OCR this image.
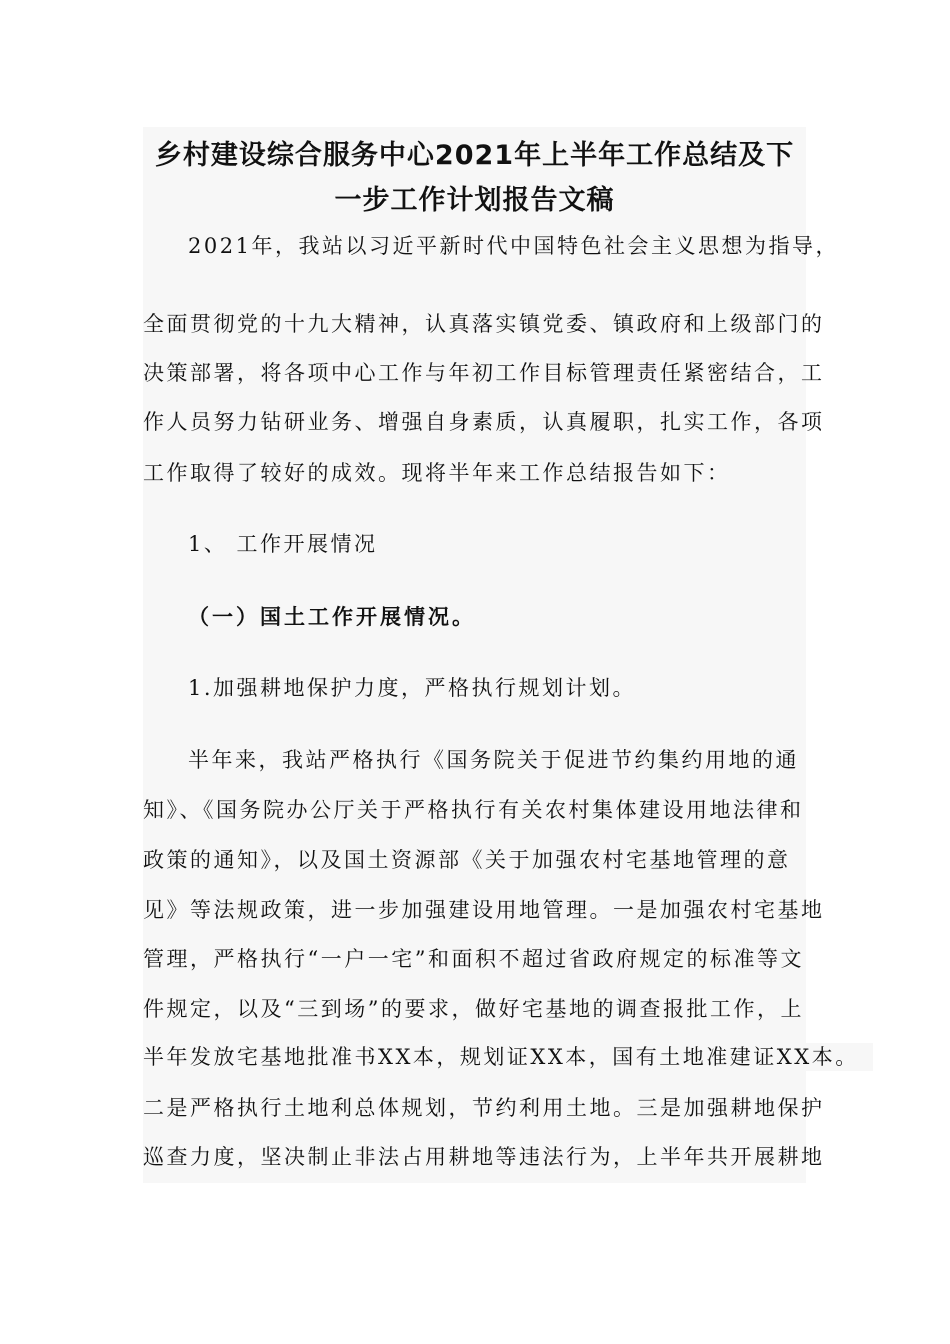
乡村建设综合服务中心2021年上半年工作总结及下
一步工作计划报告文稿

2021年，我站以习近平新时代中国特色社会主义思想为指导，

全面贯彻党的十九大精神，认真落实镇党委、镇政府和上级部门的

决策部署，将各项中心工作与年初工作目标管理责任紧密结合，工

作人员努力钻研业务、增强自身素质，认真履职，扎实工作，各项

工作取得了较好的成效。现将半年来工作总结报告如下：

1、 工作开展情况

（一）国土工作开展情况。

1.加强耕地保护力度，严格执行规划计划。

半年来，我站严格执行《国务院关于促进节约集约用地的通

知》、《国务院办公厅关于严格执行有关农村集体建设用地法律和

政策的通知》，以及国土资源部《关于加强农村宅基地管理的意

见》等法规政策，进一步加强建设用地管理。一是加强农村宅基地

管理，严格执行“一户一宅”和面积不超过省政府规定的标准等文

件规定，以及“三到场”的要求，做好宅基地的调查报批工作，上

半年发放宅基地批准书XX本，规划证XX本，国有土地准建证XX本。

二是严格执行土地利总体规划，节约利用土地。三是加强耕地保护

巡查力度，坚决制止非法占用耕地等违法行为，上半年共开展耕地
